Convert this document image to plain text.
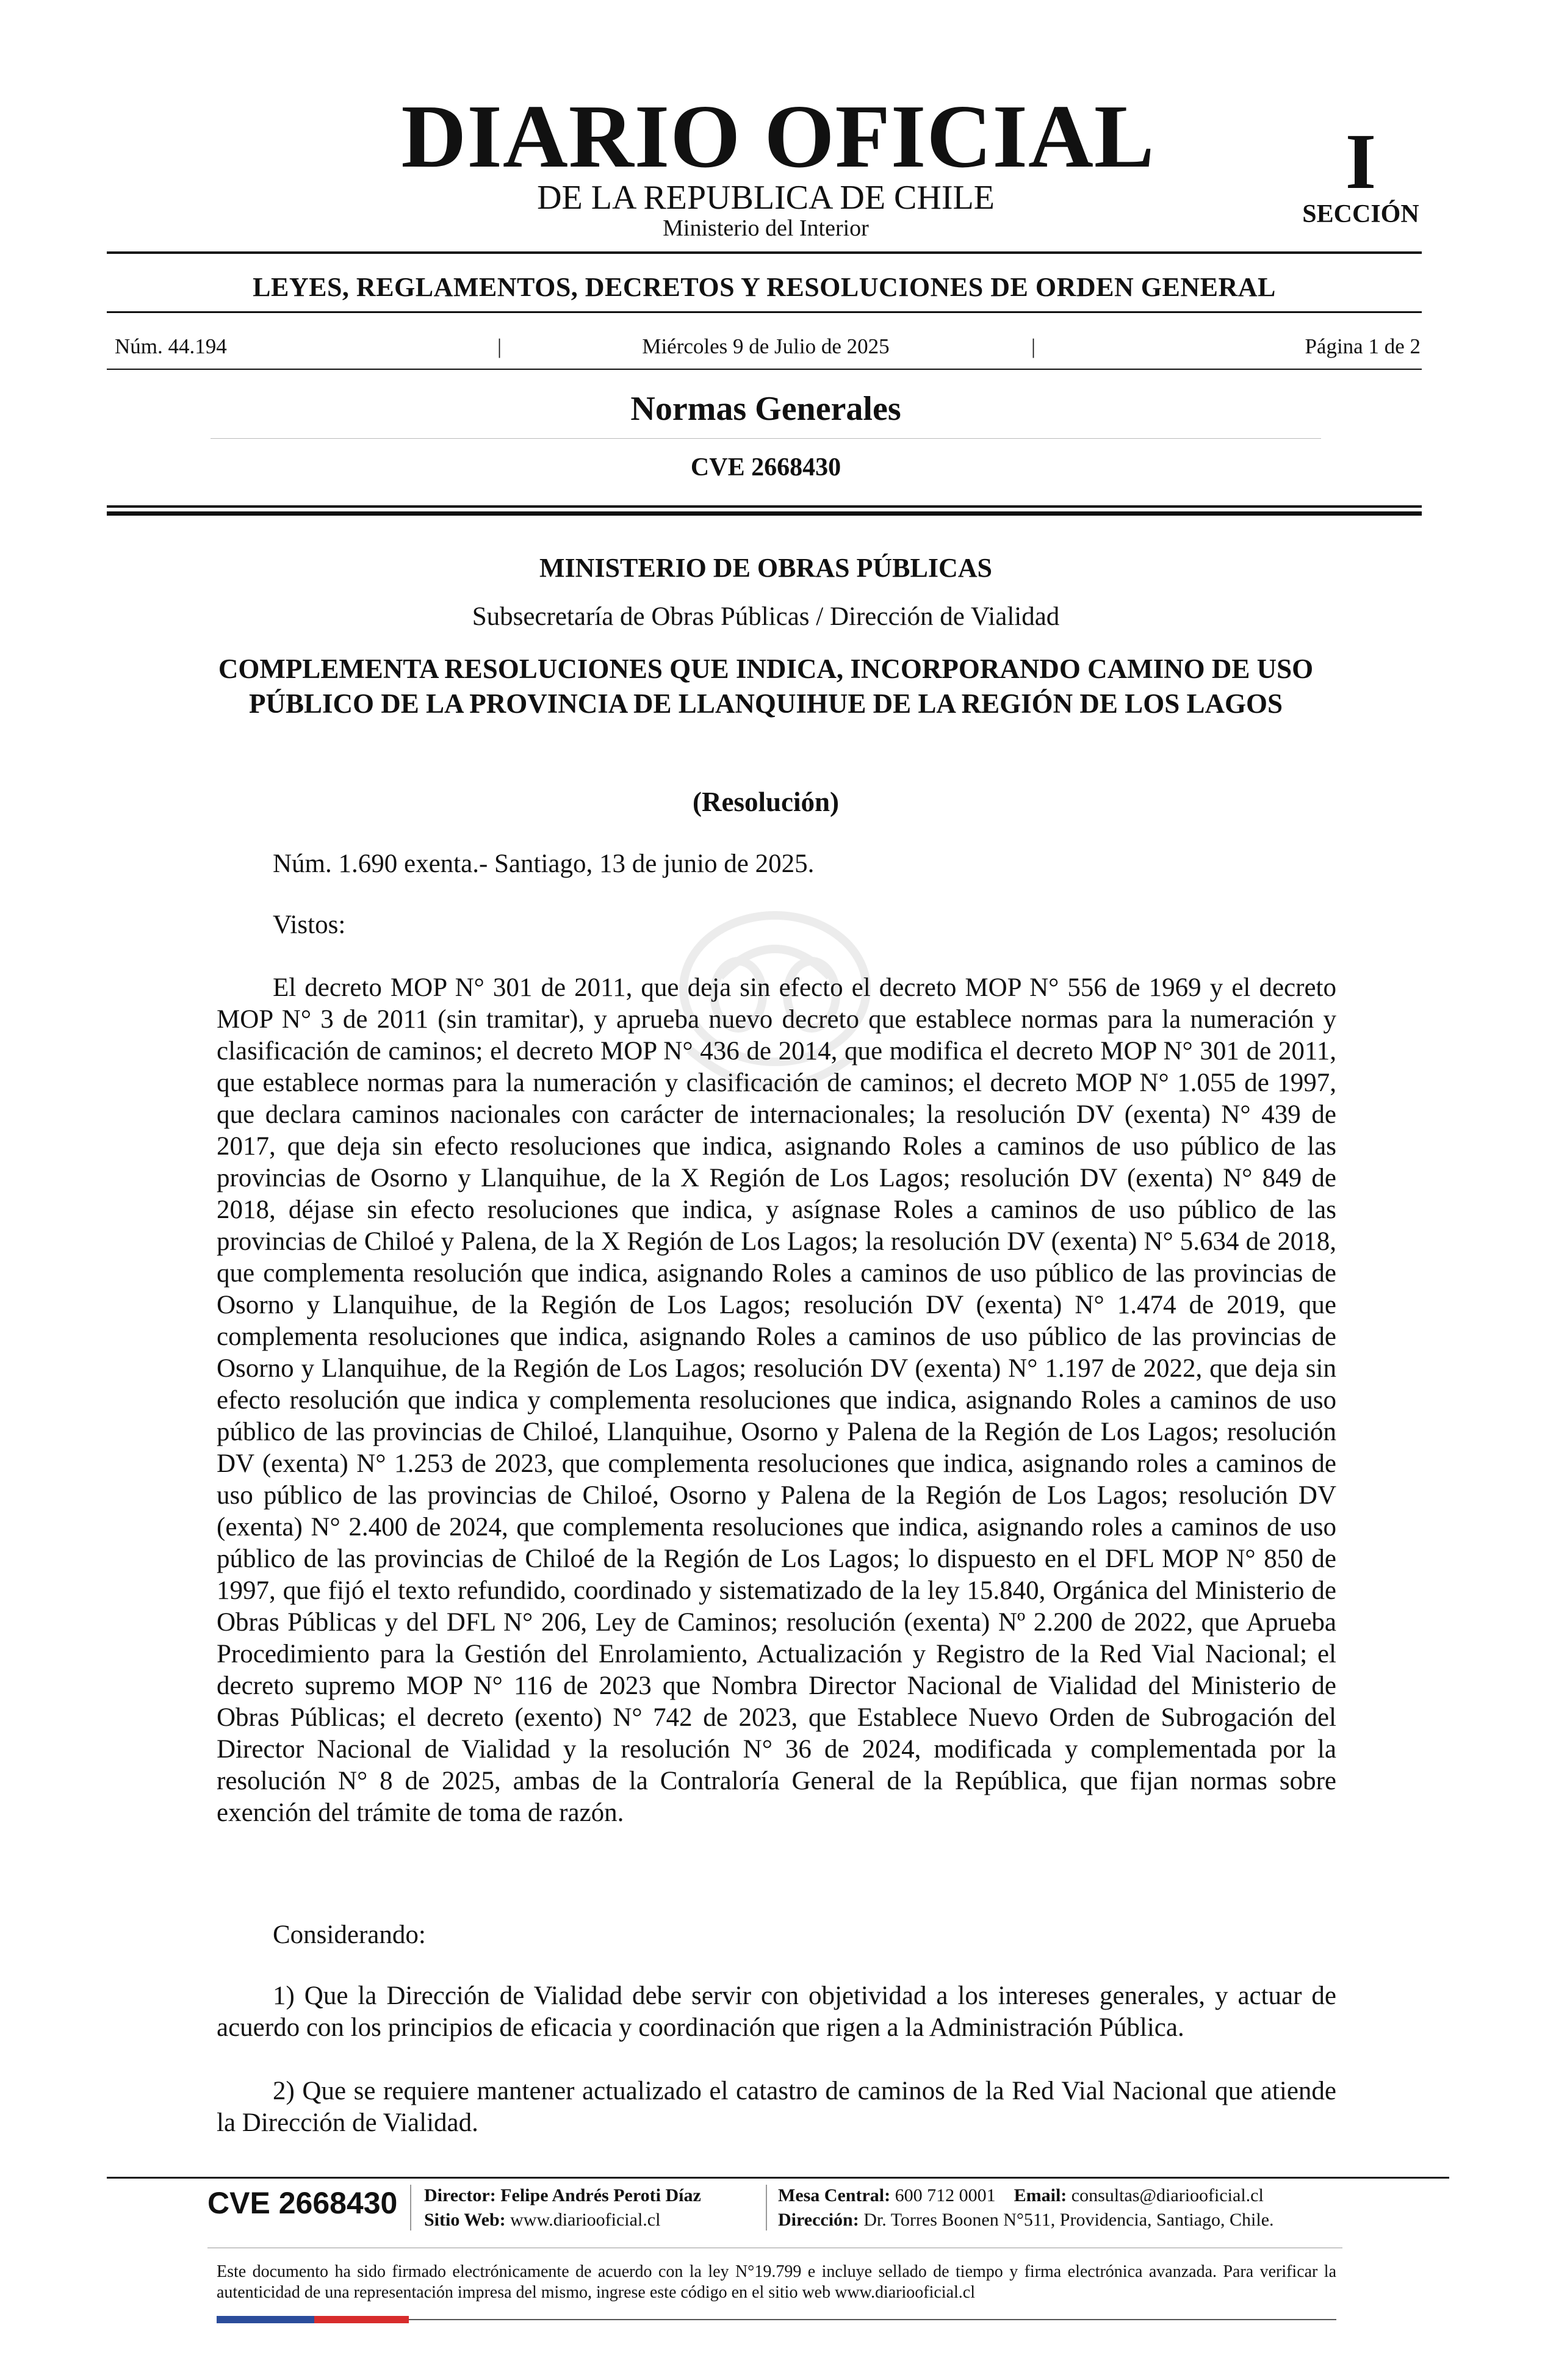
DIARIO OFICIAL
DE LA REPUBLICA DE CHILE
Ministerio del Interior
I
SECCIÓN
LEYES, REGLAMENTOS, DECRETOS Y RESOLUCIONES DE ORDEN GENERAL
Núm. 44.194	|	Miércoles 9 de Julio de 2025	|	Página 1 de 2
Normas Generales
CVE 2668430
MINISTERIO DE OBRAS PÚBLICAS
Subsecretaría de Obras Públicas / Dirección de Vialidad
COMPLEMENTA RESOLUCIONES QUE INDICA, INCORPORANDO CAMINO DE USO PÚBLICO DE LA PROVINCIA DE LLANQUIHUE DE LA REGIÓN DE LOS LAGOS
(Resolución)
Núm. 1.690 exenta.- Santiago, 13 de junio de 2025.
Vistos:
El decreto MOP N° 301 de 2011, que deja sin efecto el decreto MOP N° 556 de 1969 y el decreto MOP N° 3 de 2011 (sin tramitar), y aprueba nuevo decreto que establece normas para la numeración y clasificación de caminos; el decreto MOP N° 436 de 2014, que modifica el decreto MOP N° 301 de 2011, que establece normas para la numeración y clasificación de caminos; el decreto MOP N° 1.055 de 1997, que declara caminos nacionales con carácter de internacionales; la resolución DV (exenta) N° 439 de 2017, que deja sin efecto resoluciones que indica, asignando Roles a caminos de uso público de las provincias de Osorno y Llanquihue, de la X Región de Los Lagos; resolución DV (exenta) N° 849 de 2018, déjase sin efecto resoluciones que indica, y asígnase Roles a caminos de uso público de las provincias de Chiloé y Palena, de la X Región de Los Lagos; la resolución DV (exenta) N° 5.634 de 2018, que complementa resolución que indica, asignando Roles a caminos de uso público de las provincias de Osorno y Llanquihue, de la Región de Los Lagos; resolución DV (exenta) N° 1.474 de 2019, que complementa resoluciones que indica, asignando Roles a caminos de uso público de las provincias de Osorno y Llanquihue, de la Región de Los Lagos; resolución DV (exenta) N° 1.197 de 2022, que deja sin efecto resolución que indica y complementa resoluciones que indica, asignando Roles a caminos de uso público de las provincias de Chiloé, Llanquihue, Osorno y Palena de la Región de Los Lagos; resolución DV (exenta) N° 1.253 de 2023, que complementa resoluciones que indica, asignando roles a caminos de uso público de las provincias de Chiloé, Osorno y Palena de la Región de Los Lagos; resolución DV (exenta) N° 2.400 de 2024, que complementa resoluciones que indica, asignando roles a caminos de uso público de las provincias de Chiloé de la Región de Los Lagos; lo dispuesto en el DFL MOP N° 850 de 1997, que fijó el texto refundido, coordinado y sistematizado de la ley 15.840, Orgánica del Ministerio de Obras Públicas y del DFL N° 206, Ley de Caminos; resolución (exenta) Nº 2.200 de 2022, que Aprueba Procedimiento para la Gestión del Enrolamiento, Actualización y Registro de la Red Vial Nacional; el decreto supremo MOP N° 116 de 2023 que Nombra Director Nacional de Vialidad del Ministerio de Obras Públicas; el decreto (exento) N° 742 de 2023, que Establece Nuevo Orden de Subrogación del Director Nacional de Vialidad y la resolución N° 36 de 2024, modificada y complementada por la resolución N° 8 de 2025, ambas de la Contraloría General de la República, que fijan normas sobre exención del trámite de toma de razón.
Considerando:
1) Que la Dirección de Vialidad debe servir con objetividad a los intereses generales, y actuar de acuerdo con los principios de eficacia y coordinación que rigen a la Administración Pública.
2) Que se requiere mantener actualizado el catastro de caminos de la Red Vial Nacional que atiende la Dirección de Vialidad.
CVE 2668430 Director: Felipe Andrés Peroti Díaz
Sitio Web: www.diariooficial.cl
Mesa Central: 600 712 0001 Email: consultas@diariooficial.cl
Dirección: Dr. Torres Boonen N°511, Providencia, Santiago, Chile.
Este documento ha sido firmado electrónicamente de acuerdo con la ley N°19.799 e incluye sellado de tiempo y firma electrónica avanzada. Para verificar la autenticidad de una representación impresa del mismo, ingrese este código en el sitio web www.diariooficial.cl
